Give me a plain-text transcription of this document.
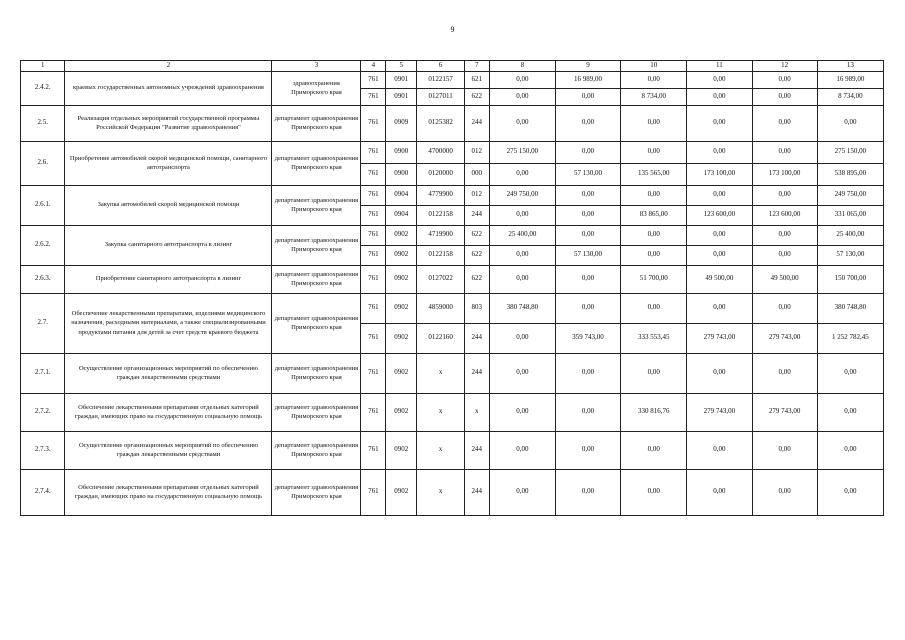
9
1	2	3	4	5	6	7	8	9	10	11	12	13
2.4.2.	краевых государственных автономных учреждений здравоохранения	здравоохранения Приморского края	761	0901	0122157	621	0,00	16 989,00	0,00	0,00	0,00	16 989,00
			761	0901	0127011	622	0,00	0,00	8 734,00	0,00	0,00	8 734,00
2.5.	Реализация отдельных мероприятий государственной программы Российской Федерации "Развитие здравоохранения"	департамент здравоохранения Приморского края	761	0909	0125382	244	0,00	0,00	0,00	0,00	0,00	0,00
2.6.	Приобретение автомобилей скорой медицинской помощи, санитарного автотранспорта	департамент здравоохранения Приморского края	761	0900	4700000	012	275 150,00	0,00	0,00	0,00	0,00	275 150,00
			761	0900	0120000	000	0,00	57 130,00	135 565,00	173 100,00	173 100,00	538 895,00
2.6.1.	Закупка автомобилей скорой медицинской помощи	департамент здравоохранения Приморского края	761	0904	4779900	012	249 750,00	0,00	0,00	0,00	0,00	249 750,00
			761	0904	0122158	244	0,00	0,00	83 865,00	123 600,00	123 600,00	331 065,00
2.6.2.	Закупка санитарного автотранспорта в лизинг	департамент здравоохранения Приморского края	761	0902	4719900	622	25 400,00	0,00	0,00	0,00	0,00	25 400,00
			761	0902	0122158	622	0,00	57 130,00	0,00	0,00	0,00	57 130,00
2.6.3.	Приобретение санитарного автотранспорта в лизинг	департамент здравоохранения Приморского края	761	0902	0127022	622	0,00	0,00	51 700,00	49 500,00	49 500,00	150 700,00
2.7.	Обеспечение лекарственными препаратами, изделиями медицинского назначения, расходными материалами, а также специализированными продуктами питания для детей за счет средств краевого бюджета	департамент здравоохранения Приморского края	761	0902	4859000	803	380 748,80	0,00	0,00	0,00	0,00	380 748,80
			761	0902	0122160	244	0,00	359 743,00	333 553,45	279 743,00	279 743,00	1 252 782,45
2.7.1.	Осуществление организационных мероприятий по обеспечению граждан лекарственными средствами	департамент здравоохранения Приморского края	761	0902	х	244	0,00	0,00	0,00	0,00	0,00	0,00
2.7.2.	Обеспечение лекарственными препаратами отдельных категорий граждан, имеющих право на государственную социальную помощь	департамент здравоохранения Приморского края	761	0902	х	х	0,00	0,00	330 816,76	279 743,00	279 743,00	0,00
2.7.3.	Осуществление организационных мероприятий по обеспечению граждан лекарственными средствами	департамент здравоохранения Приморского края	761	0902	х	244	0,00	0,00	0,00	0,00	0,00	0,00
2.7.4.	Обеспечение лекарственными препаратами отдельных категорий граждан, имеющих право на государственную социальную помощь	департамент здравоохранения Приморского края	761	0902	х	244	0,00	0,00	0,00	0,00	0,00	0,00
